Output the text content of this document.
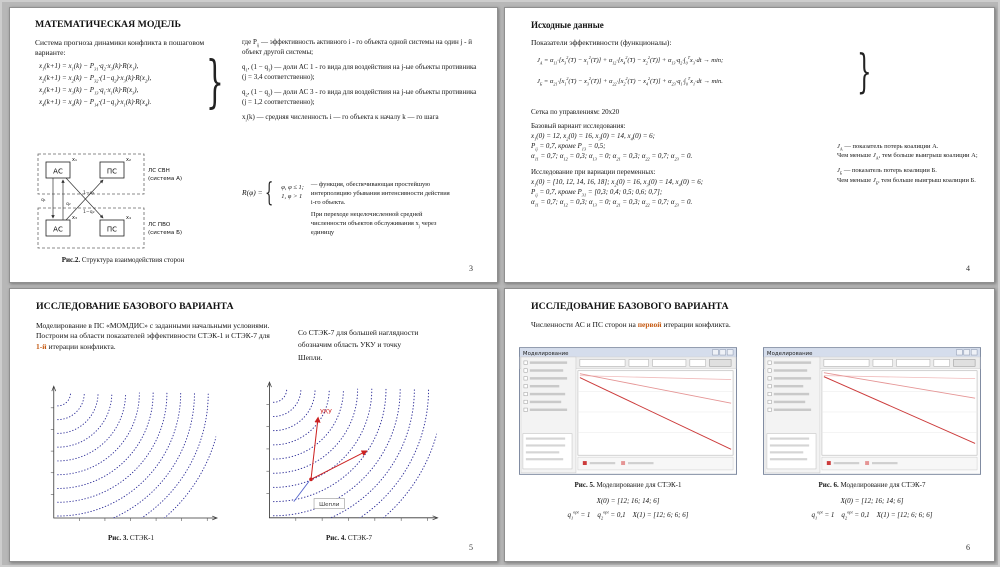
МАТЕМАТИЧЕСКАЯ МОДЕЛЬ
Система прогноза динамики конфликта в пошаговом варианте:
$x_1(k+1) = x_1(k) - P_{31}\cdot q_2\cdot x_3(k)\cdot R(x_1)$,
$x_2(k+1) = x_2(k) - P_{32}\cdot(1-q_2)\cdot x_3(k)\cdot R(x_2)$,
$x_3(k+1) = x_3(k) - P_{13}\cdot q_1\cdot x_1(k)\cdot R(x_3)$,
$x_4(k+1) = x_4(k) - P_{14}\cdot(1-q_1)\cdot x_1(k)\cdot R(x_4)$. }

где $P_{ij}$ — эффективность активного i - го объекта одной системы на один j - й объект другой системы;

$q_1$, $(1 - q_1)$ — доли АС 1 - го вида для воздействия на j-ые объекты противника (j = 3,4 соответственно);

$q_2$, $(1 - q_2)$ — доли АС 3 - го вида для воздействия на j-ые объекты противника (j = 1,2 соответственно);

$x_i(k)$ — средняя численность i — го объекта к началу k — го шага

R(φ) = { φ, φ ≤ 1;
1, φ > 1
— функция, обеспечивающая простейшую интерполяцию убывания интенсивности действия i-го объекта.
При переходе нецелочисленной средней численности объектов обслуживания $x_j$ через единицу
АС	ПС
АС	ПС
x₁	x₂
x₃	x₄
q₁
1−q₁
q₂
1−q₂
ЛС СВН
(система А)
ЛС ПВО
(система Б)
Рис.2. Структура взаимодействия сторон
3
Исходные данные
Показатели эффективности (функционалы):
$J_А = \alpha_{11}\cdot[x_3^2(T) - x_1^2(T)] + \alpha_{12}\cdot[x_4^2(T) - x_2^2(T)] + \alpha_{13}\cdot q_2\cdot\int_0^Tx_3\cdot dt \to \min$;
$J_Б = \alpha_{21}\cdot[x_1^2(T) - x_3^2(T)] + \alpha_{22}\cdot[x_2^2(T) - x_4^2(T)] + \alpha_{23}\cdot q_1\cdot\int_0^Tx_1\cdot dt \to \min$.	}
Сетка по управлениям: 20х20
Базовый вариант исследования:
$x_1(0) = 12$, $x_2(0) = 16$, $x_3(0) = 14$, $x_4(0) = 6$;
$P_{ij} = 0,7$, кроме $P_{13} = 0,5$;
$\alpha_{11} = 0,7$; $\alpha_{12} = 0,3$; $\alpha_{13} = 0$; $\alpha_{21} = 0,3$; $\alpha_{22} = 0,7$; $\alpha_{23} = 0$.
Исследование при вариации переменных:
$x_1(0) = [10$, 12, 14, 16, 18]; $x_2(0) = 16$, $x_3(0) = 14$, $x_4(0) = 6$;
$P_{ij} = 0,7$, кроме $P_{31} = [0,3$; 0,4; 0,5; 0,6; 0,7];
$\alpha_{11} = 0,7$; $\alpha_{12} = 0,3$; $\alpha_{13} = 0$; $\alpha_{21} = 0,3$; $\alpha_{22} = 0,7$; $\alpha_{23} = 0$.
$J_А$ — показатель потерь коалиции А.
Чем меньше $J_А$, тем больше выигрыш коалиции А;
$J_Б$ — показатель потерь коалиции Б.
Чем меньше $J_Б$, тем больше выигрыш коалиции Б.
4
ИССЛЕДОВАНИЕ БАЗОВОГО ВАРИАНТА
Моделирование в ПС «МОМДИС» с заданными начальными условиями.
Построим на области показателей эффективности СТЭК-1 и СТЭК-7 для 1-й итерации конфликта.
Со СТЭК-7 для большей наглядности обозначим область УКУ и точку Шепли.
Рис. 3. СТЭК-1
УКУ
Шепли
Рис. 4. СТЭК-7
5
ИССЛЕДОВАНИЕ БАЗОВОГО ВАРИАНТА
Численности АС и ПС сторон на первой итерации конфликта.
Моделирование
Рис. 5. Моделирование для СТЭК-1
X(0) = [12; 16; 14; 6]
$q_1^{opt} = 1$    $q_2^{opt} = 0,1$    X(1) = [12; 6; 6; 6]
Моделирование
Рис. 6. Моделирование для СТЭК-7
X(0) = [12; 16; 14; 6]
$q_1^{opt} = 1$    $q_2^{opt} = 0,1$    X(1) = [12; 6; 6; 6]
6
